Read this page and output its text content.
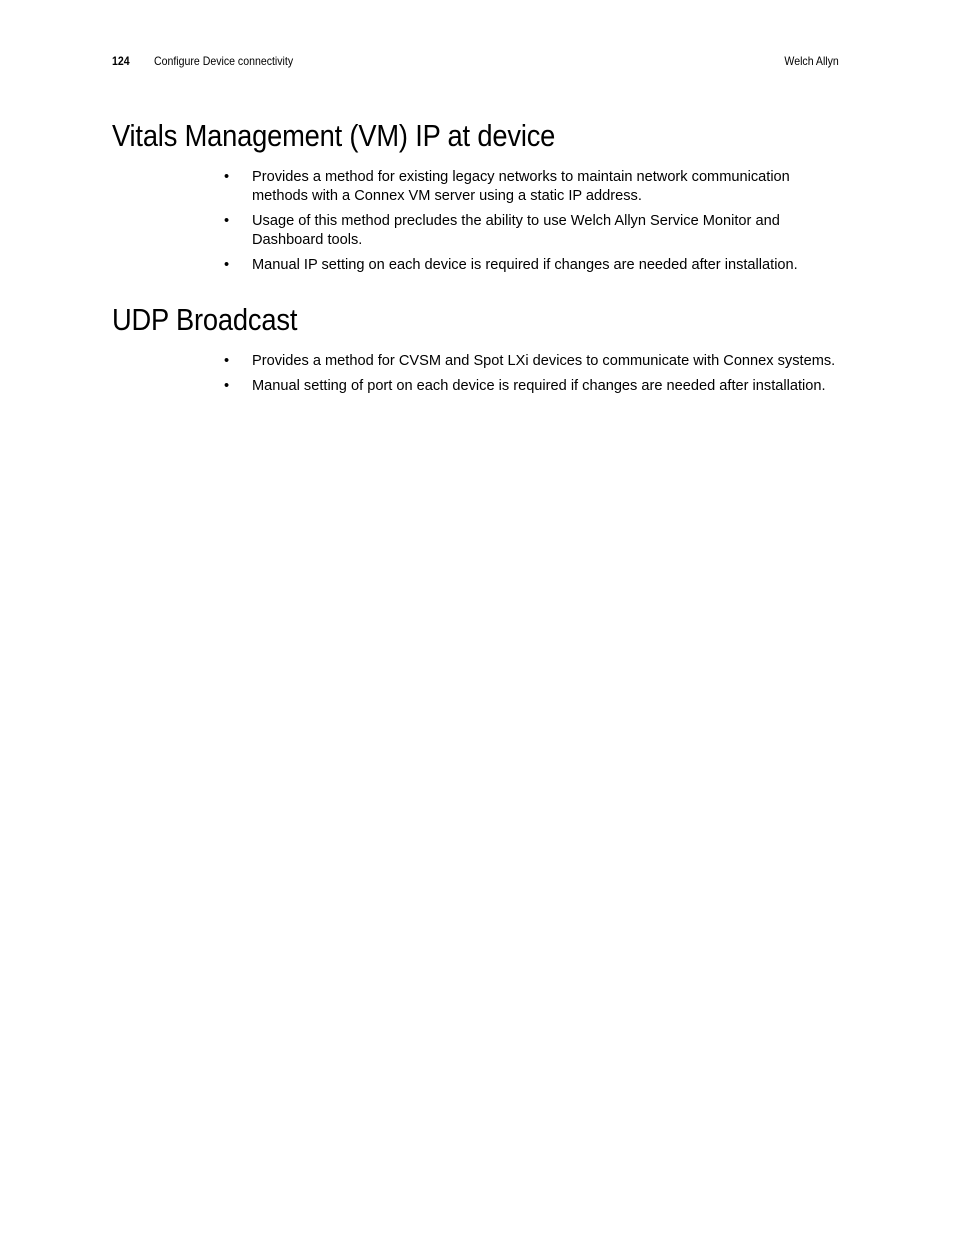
124 Configure Device connectivity	Welch Allyn
Vitals Management (VM) IP at device
•	Provides a method for existing legacy networks to maintain network communication methods with a Connex VM server using a static IP address.
•	Usage of this method precludes the ability to use Welch Allyn Service Monitor and Dashboard tools.
•	Manual IP setting on each device is required if changes are needed after installation.
UDP Broadcast
•	Provides a method for CVSM and Spot LXi devices to communicate with Connex systems.
•	Manual setting of port on each device is required if changes are needed after installation.
